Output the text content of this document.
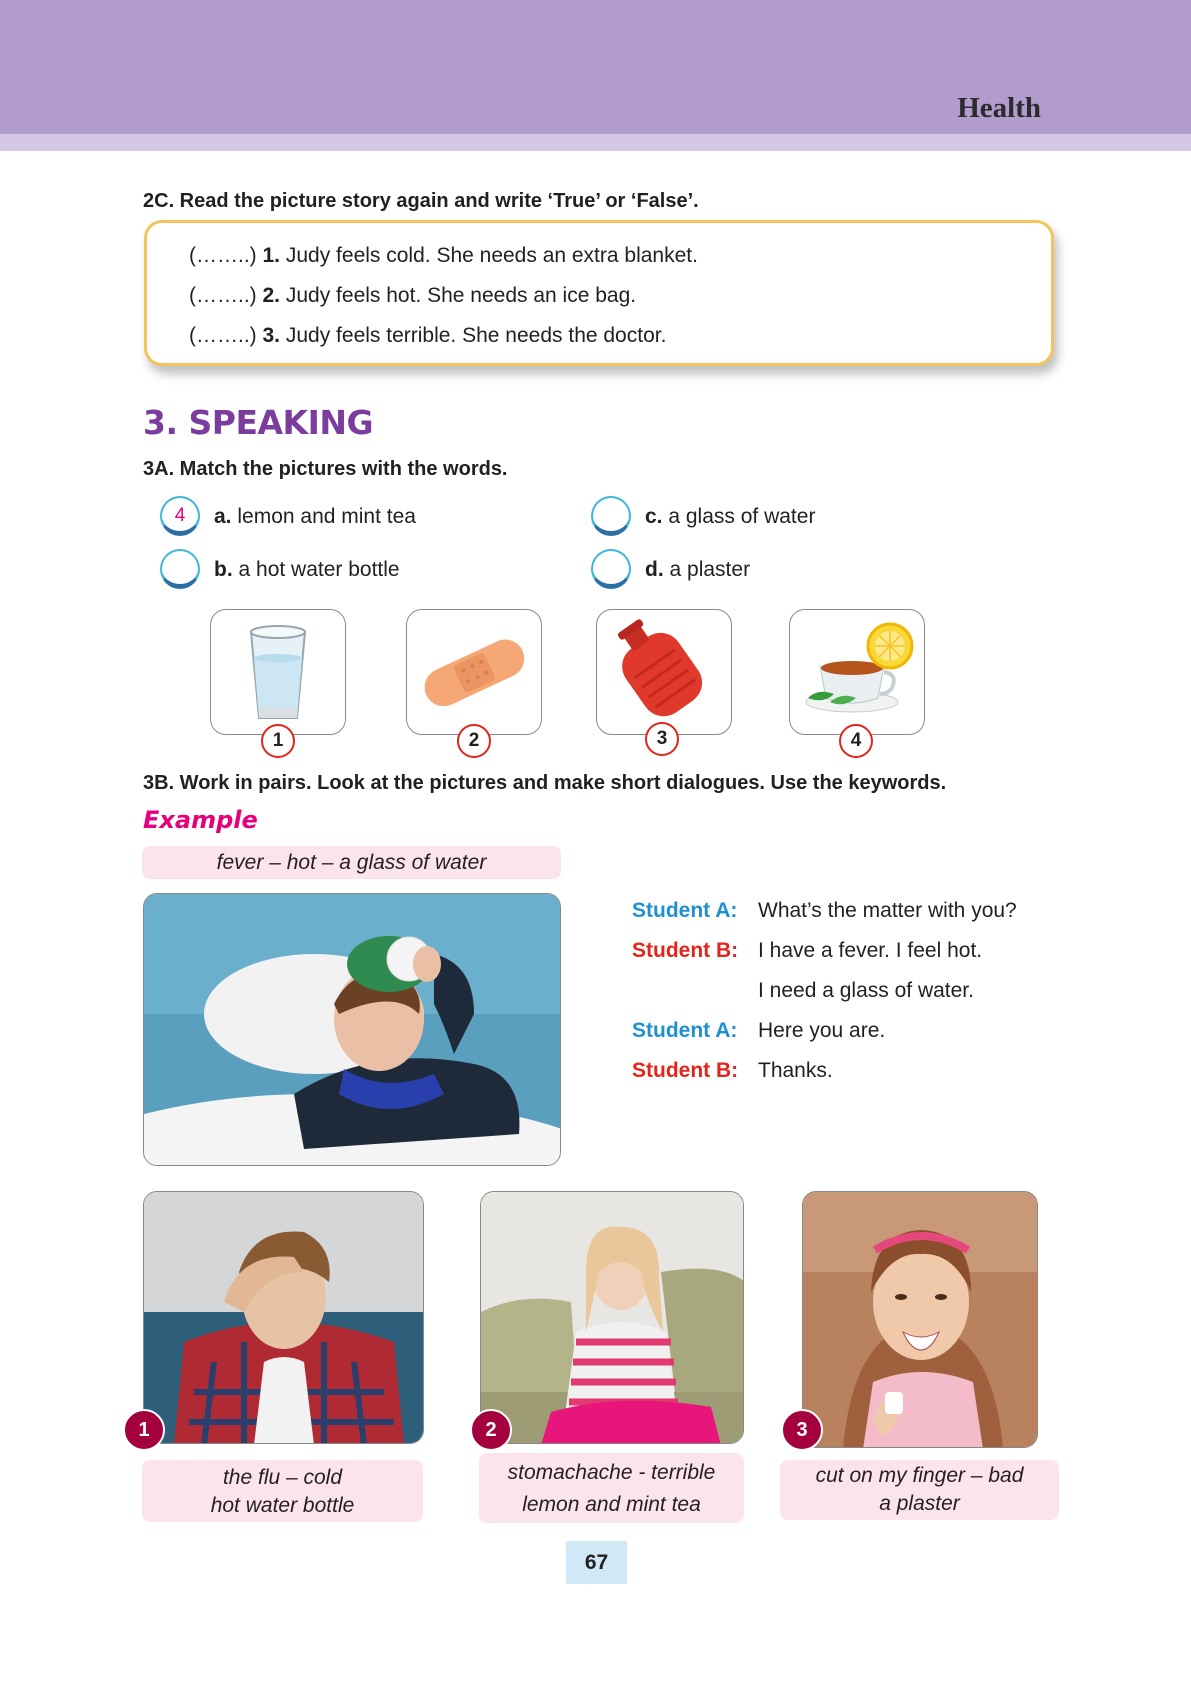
Health
2C. Read the picture story again and write ‘True’ or ‘False’.
(……..) 1. Judy feels cold. She needs an extra blanket.
(……..) 2. Judy feels hot. She needs an ice bag.
(……..) 3. Judy feels terrible. She needs the doctor.
3. SPEAKING
3A. Match the pictures with the words.
4	a. lemon and mint tea
b. a hot water bottle
c. a glass of water
d. a plaster
1	2	3	4
3B. Work in pairs. Look at the pictures and make short dialogues. Use the keywords.
Example
fever – hot – a glass of water
Student A: What’s the matter with you?
Student B: I have a fever. I feel hot.
I need a glass of water.
Student A: Here you are.
Student B: Thanks.
1
the flu – cold
hot water bottle
2
stomachache - terrible
lemon and mint tea
3
cut on my finger – bad
a plaster
67
